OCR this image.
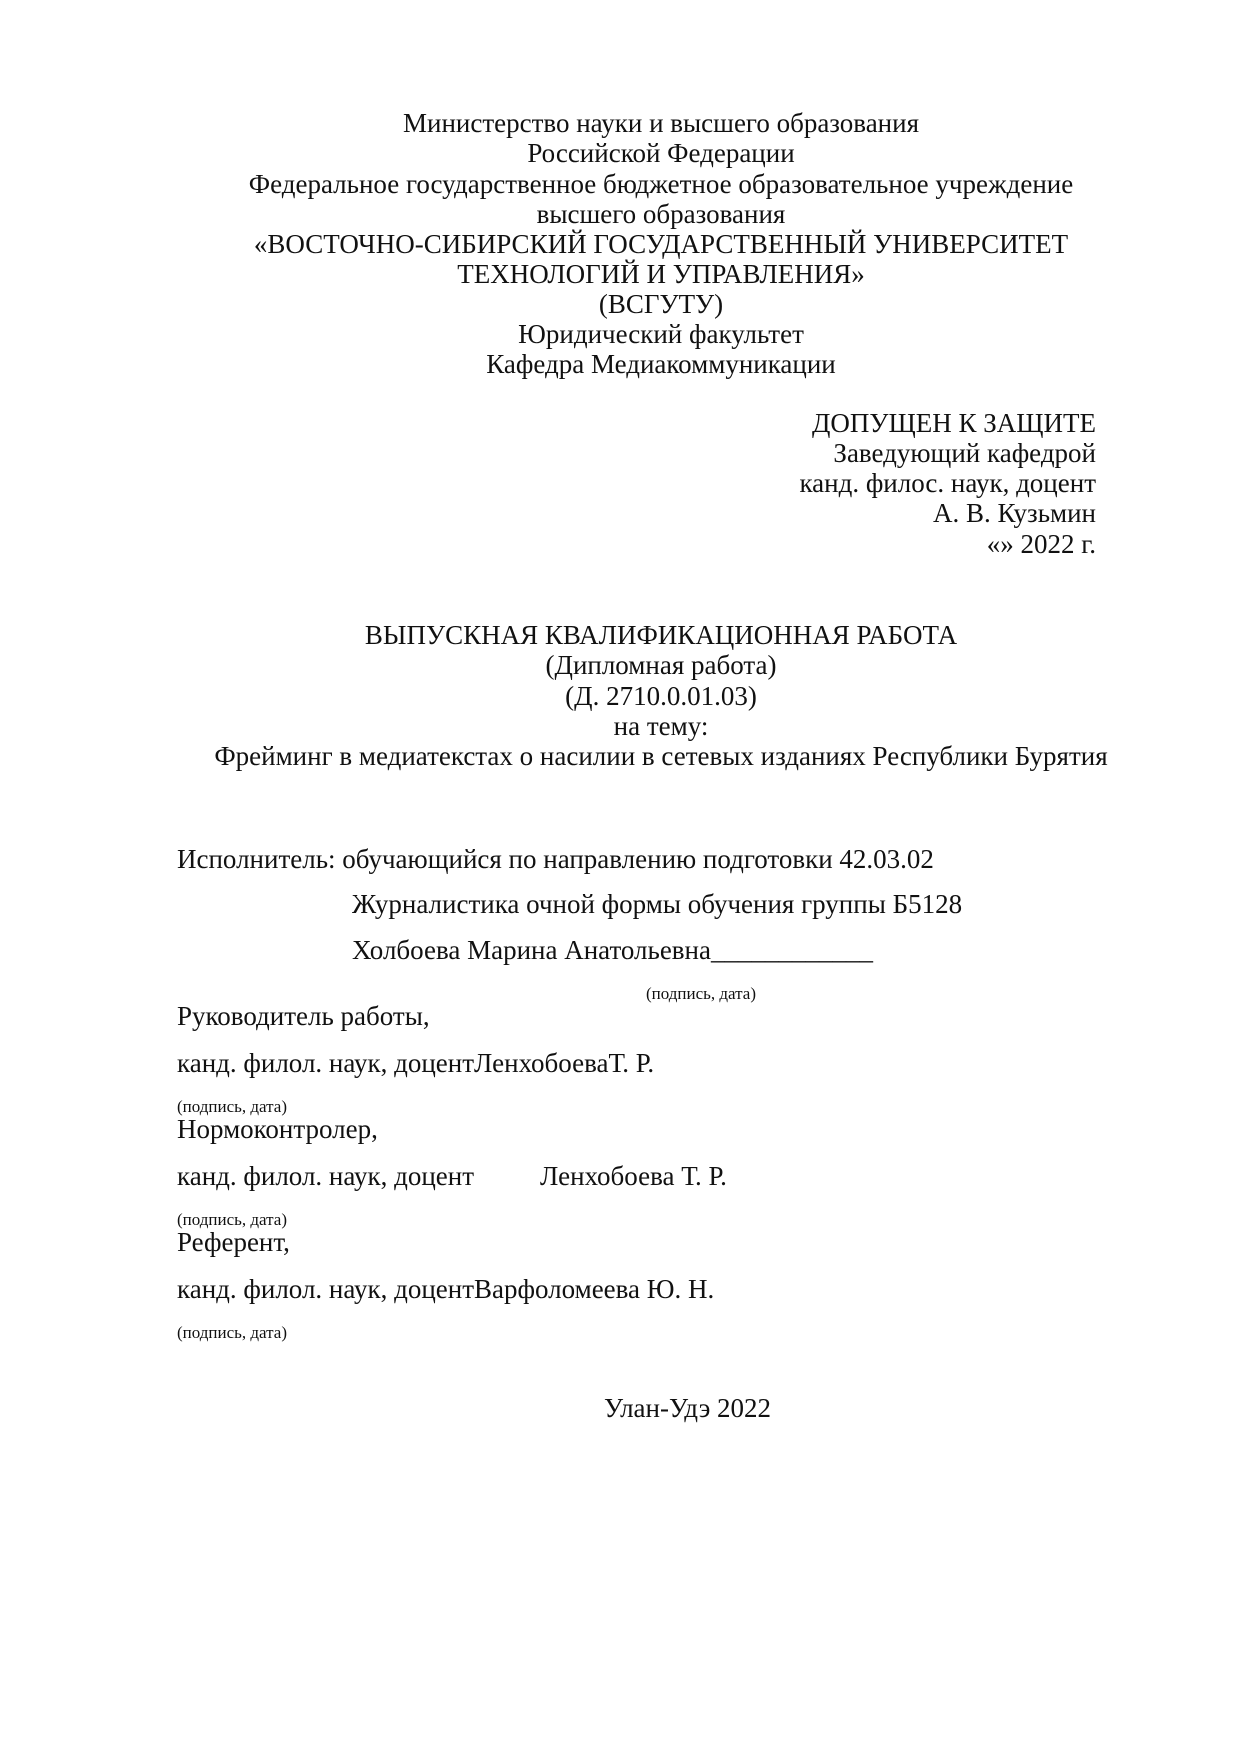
Министерство науки и высшего образования
Российской Федерации
Федеральное государственное бюджетное образовательное учреждение
высшего образования
«ВОСТОЧНО-СИБИРСКИЙ ГОСУДАРСТВЕННЫЙ УНИВЕРСИТЕТ
ТЕХНОЛОГИЙ И УПРАВЛЕНИЯ»
(ВСГУТУ)
Юридический факультет
Кафедра Медиакоммуникации
ДОПУЩЕН К ЗАЩИТЕ
Заведующий кафедрой
канд. филос. наук, доцент
А. В. Кузьмин
«» 2022 г.
ВЫПУСКНАЯ КВАЛИФИКАЦИОННАЯ РАБОТА
(Дипломная работа)
(Д. 2710.0.01.03)
на тему:
Фрейминг в медиатекстах о насилии в сетевых изданиях Республики Бурятия
Исполнитель: обучающийся по направлению подготовки 42.03.02
Журналистика очной формы обучения группы Б5128
Холбоева Марина Анатольевна____________
(подпись, дата)
Руководитель работы,
канд. филол. наук, доцентЛенхобоеваТ. Р.
(подпись, дата)
Нормоконтролер,
канд. филол. наук, доцент Ленхобоева Т. Р.
(подпись, дата)
Референт,
канд. филол. наук, доцентВарфоломеева Ю. Н.
(подпись, дата)
Улан-Удэ 2022
